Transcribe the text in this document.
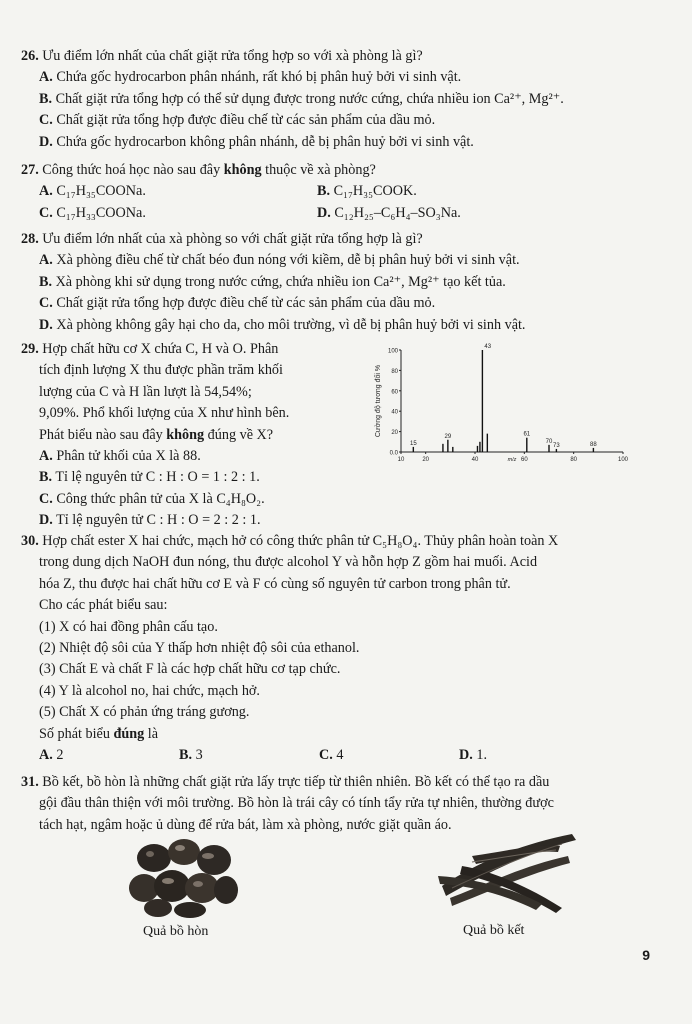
26. Ưu điểm lớn nhất của chất giặt rửa tổng hợp so với xà phòng là gì?
A. Chứa gốc hydrocarbon phân nhánh, rất khó bị phân huỷ bởi vi sinh vật.
B. Chất giặt rửa tổng hợp có thể sử dụng được trong nước cứng, chứa nhiều ion Ca²⁺, Mg²⁺.
C. Chất giặt rửa tổng hợp được điều chế từ các sản phẩm của dầu mỏ.
D. Chứa gốc hydrocarbon không phân nhánh, dễ bị phân huỷ bởi vi sinh vật.
27. Công thức hoá học nào sau đây không thuộc về xà phòng?
A. C₁₇H₃₅COONa.	B. C₁₇H₃₅COOK.
C. C₁₇H₃₃COONa.	D. C₁₂H₂₅–C₆H₄–SO₃Na.
28. Ưu điểm lớn nhất của xà phòng so với chất giặt rửa tổng hợp là gì?
A. Xà phòng điều chế từ chất béo đun nóng với kiềm, dễ bị phân huỷ bởi vi sinh vật.
B. Xà phòng khi sử dụng trong nước cứng, chứa nhiều ion Ca²⁺, Mg²⁺ tạo kết tủa.
C. Chất giặt rửa tổng hợp được điều chế từ các sản phẩm của dầu mỏ.
D. Xà phòng không gây hại cho da, cho môi trường, vì dễ bị phân huỷ bởi vi sinh vật.
29. Hợp chất hữu cơ X chứa C, H và O. Phân
tích định lượng X thu được phần trăm khối
lượng của C và H lần lượt là 54,54%;
9,09%. Phổ khối lượng của X như hình bên.
Phát biểu nào sau đây không đúng về X?
A. Phân tử khối của X là 88.
B. Tỉ lệ nguyên tử C : H : O = 1 : 2 : 1.
C. Công thức phân tử của X là C₄H₈O₂.
D. Tỉ lệ nguyên tử C : H : O = 2 : 2 : 1.
0.0
20
40
60
80
100
10	20	40	60	80	100
15
29
43
61
70
73	88
m/z
Cường độ tương đối %
30. Hợp chất ester X hai chức, mạch hở có công thức phân tử C₅H₈O₄. Thủy phân hoàn toàn X
trong dung dịch NaOH đun nóng, thu được alcohol Y và hỗn hợp Z gồm hai muối. Acid
hóa Z, thu được hai chất hữu cơ E và F có cùng số nguyên tử carbon trong phân tử.
Cho các phát biểu sau:
(1) X có hai đồng phân cấu tạo.
(2) Nhiệt độ sôi của Y thấp hơn nhiệt độ sôi của ethanol.
(3) Chất E và chất F là các hợp chất hữu cơ tạp chức.
(4) Y là alcohol no, hai chức, mạch hở.
(5) Chất X có phản ứng tráng gương.
Số phát biểu đúng là
A. 2	B. 3	C. 4	D. 1.
31. Bồ kết, bồ hòn là những chất giặt rửa lấy trực tiếp từ thiên nhiên. Bồ kết có thể tạo ra dầu
gội đầu thân thiện với môi trường. Bồ hòn là trái cây có tính tẩy rửa tự nhiên, thường được
tách hạt, ngâm hoặc ủ dùng để rửa bát, làm xà phòng, nước giặt quần áo.
Quả bồ hòn	Quả bồ kết
9
